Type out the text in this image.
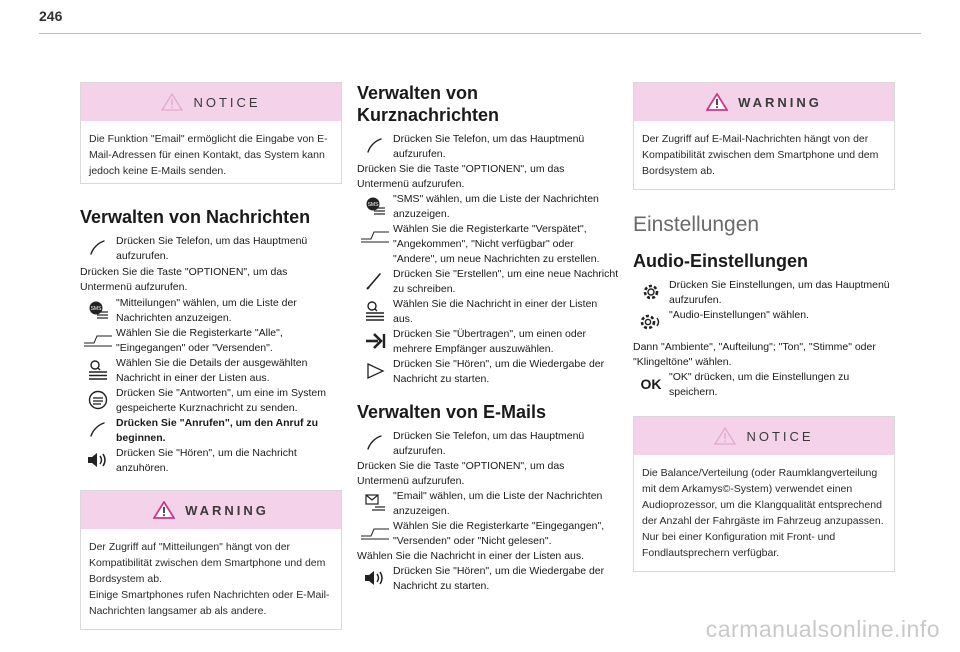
246
NOTICE
Die Funktion "Email" ermöglicht die Eingabe von E-Mail-Adressen für einen Kontakt, das System kann jedoch keine E-Mails senden.
Verwalten von Nachrichten
Drücken Sie Telefon, um das Hauptmenü aufzurufen.
Drücken Sie die Taste "OPTIONEN", um das Untermenü aufzurufen.
SMS "Mitteilungen" wählen, um die Liste der Nachrichten anzuzeigen.
Wählen Sie die Registerkarte "Alle", "Eingegangen" oder "Versenden".
Wählen Sie die Details der ausgewählten Nachricht in einer der Listen aus.
Drücken Sie "Antworten", um eine im System gespeicherte Kurznachricht zu senden.
Drücken Sie "Anrufen", um den Anruf zu beginnen.
Drücken Sie "Hören", um die Nachricht anzuhören.
WARNING
Der Zugriff auf "Mitteilungen" hängt von der Kompatibilität zwischen dem Smartphone und dem Bordsystem ab.
Einige Smartphones rufen Nachrichten oder E-Mail-Nachrichten langsamer ab als andere.
Verwalten von Kurznachrichten
Drücken Sie Telefon, um das Hauptmenü aufzurufen.
Drücken Sie die Taste "OPTIONEN", um das Untermenü aufzurufen.
SMS "SMS" wählen, um die Liste der Nachrichten anzuzeigen.
Wählen Sie die Registerkarte "Verspätet", "Angekommen", "Nicht verfügbar" oder "Andere", um neue Nachrichten zu erstellen.
Drücken Sie "Erstellen", um eine neue Nachricht zu schreiben.
Wählen Sie die Nachricht in einer der Listen aus.
Drücken Sie "Übertragen", um einen oder mehrere Empfänger auszuwählen.
Drücken Sie "Hören", um die Wiedergabe der Nachricht zu starten.
Verwalten von E-Mails
Drücken Sie Telefon, um das Hauptmenü aufzurufen.
Drücken Sie die Taste "OPTIONEN", um das Untermenü aufzurufen.
"Email" wählen, um die Liste der Nachrichten anzuzeigen.
Wählen Sie die Registerkarte "Eingegangen", "Versenden" oder "Nicht gelesen".
Wählen Sie die Nachricht in einer der Listen aus.
Drücken Sie "Hören", um die Wiedergabe der Nachricht zu starten.
WARNING
Der Zugriff auf E-Mail-Nachrichten hängt von der Kompatibilität zwischen dem Smartphone und dem Bordsystem ab.
Einstellungen
Audio-Einstellungen
Drücken Sie Einstellungen, um das Hauptmenü aufzurufen.
"Audio-Einstellungen" wählen.
Dann "Ambiente", "Aufteilung"; "Ton", "Stimme" oder "Klingeltöne" wählen.
OK "OK" drücken, um die Einstellungen zu speichern.
NOTICE
Die Balance/Verteilung (oder Raumklangverteilung mit dem Arkamys©-System) verwendet einen Audioprozessor, um die Klangqualität entsprechend der Anzahl der Fahrgäste im Fahrzeug anzupassen.
Nur bei einer Konfiguration mit Front- und Fondlautsprechern verfügbar.
carmanualsonline.info
